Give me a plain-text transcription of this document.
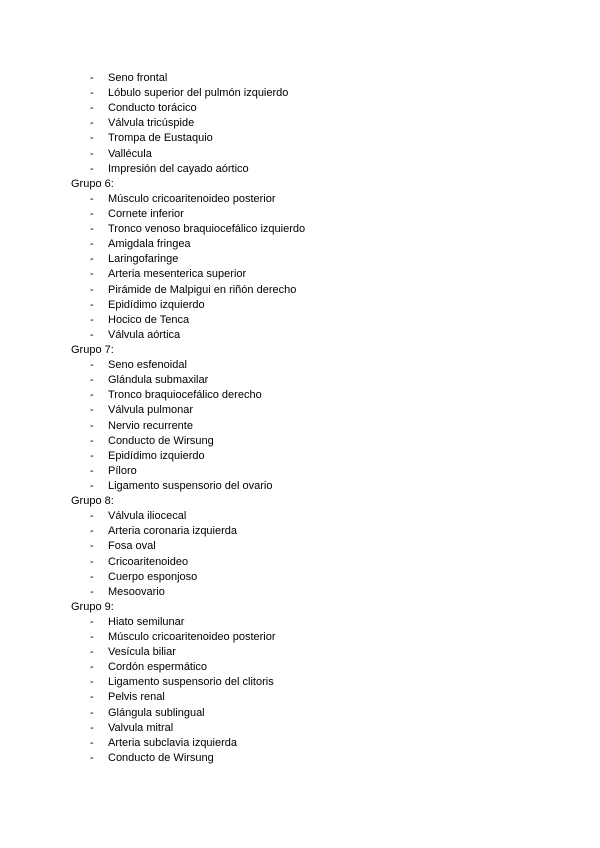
- Seno frontal
- Lóbulo superior del pulmón izquierdo
- Conducto torácico
- Válvula tricúspide
- Trompa de Eustaquio
- Vallécula
- Impresión del cayado aórtico
Grupo 6:
- Músculo cricoaritenoideo posterior
- Cornete inferior
- Tronco venoso braquiocefálico izquierdo
- Amigdala fringea
- Laringofaringe
- Arteria mesenterica superior
- Pirámide de Malpigui en riñón derecho
- Epidídimo izquierdo
- Hocico de Tenca
- Válvula aórtica
Grupo 7:
- Seno esfenoidal
- Glándula submaxilar
- Tronco braquiocefálico derecho
- Válvula pulmonar
- Nervio recurrente
- Conducto de Wirsung
- Epidídimo izquierdo
- Píloro
- Ligamento suspensorio del ovario
Grupo 8:
- Válvula iliocecal
- Arteria coronaria izquierda
- Fosa oval
- Cricoaritenoideo
- Cuerpo esponjoso
- Mesoovario
Grupo 9:
- Hiato semilunar
- Músculo cricoaritenoideo posterior
- Vesícula biliar
- Cordón espermático
- Ligamento suspensorio del clitoris
- Pelvis renal
- Glángula sublingual
- Valvula mitral
- Arteria subclavia izquierda
- Conducto de Wirsung
